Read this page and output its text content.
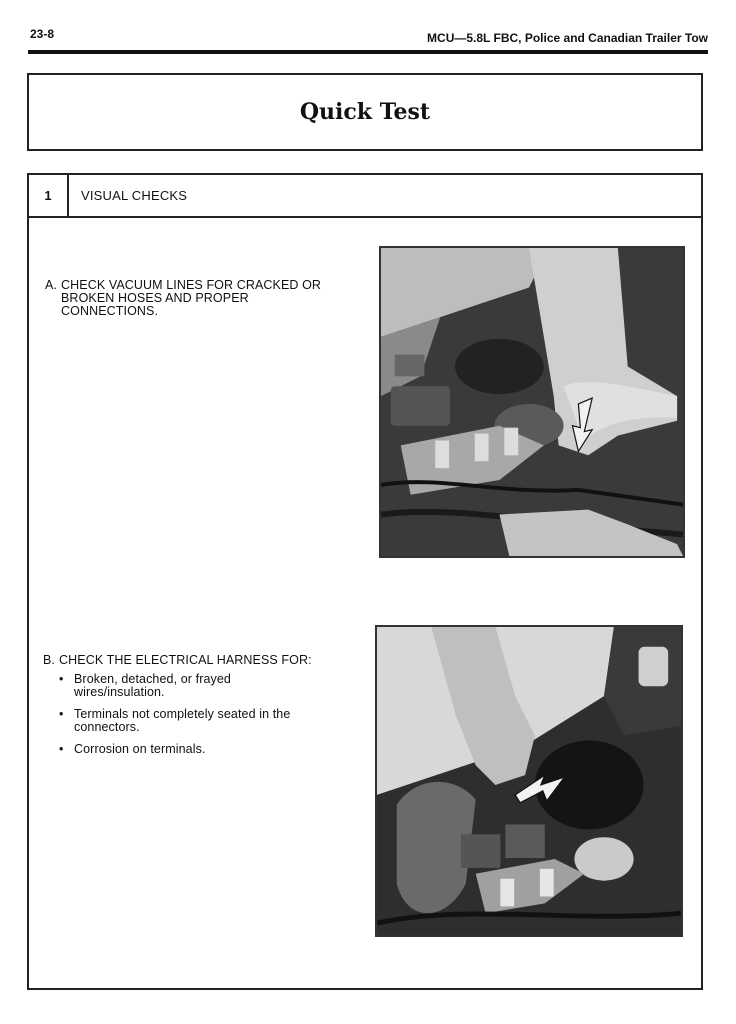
23-8	MCU—5.8L FBC, Police and Canadian Trailer Tow
Quick Test
1	VISUAL CHECKS
A. CHECK VACUUM LINES FOR CRACKED OR BROKEN HOSES AND PROPER CONNECTIONS.
B. CHECK THE ELECTRICAL HARNESS FOR:
• Broken, detached, or frayed wires/insulation.
• Terminals not completely seated in the connectors.
• Corrosion on terminals.
